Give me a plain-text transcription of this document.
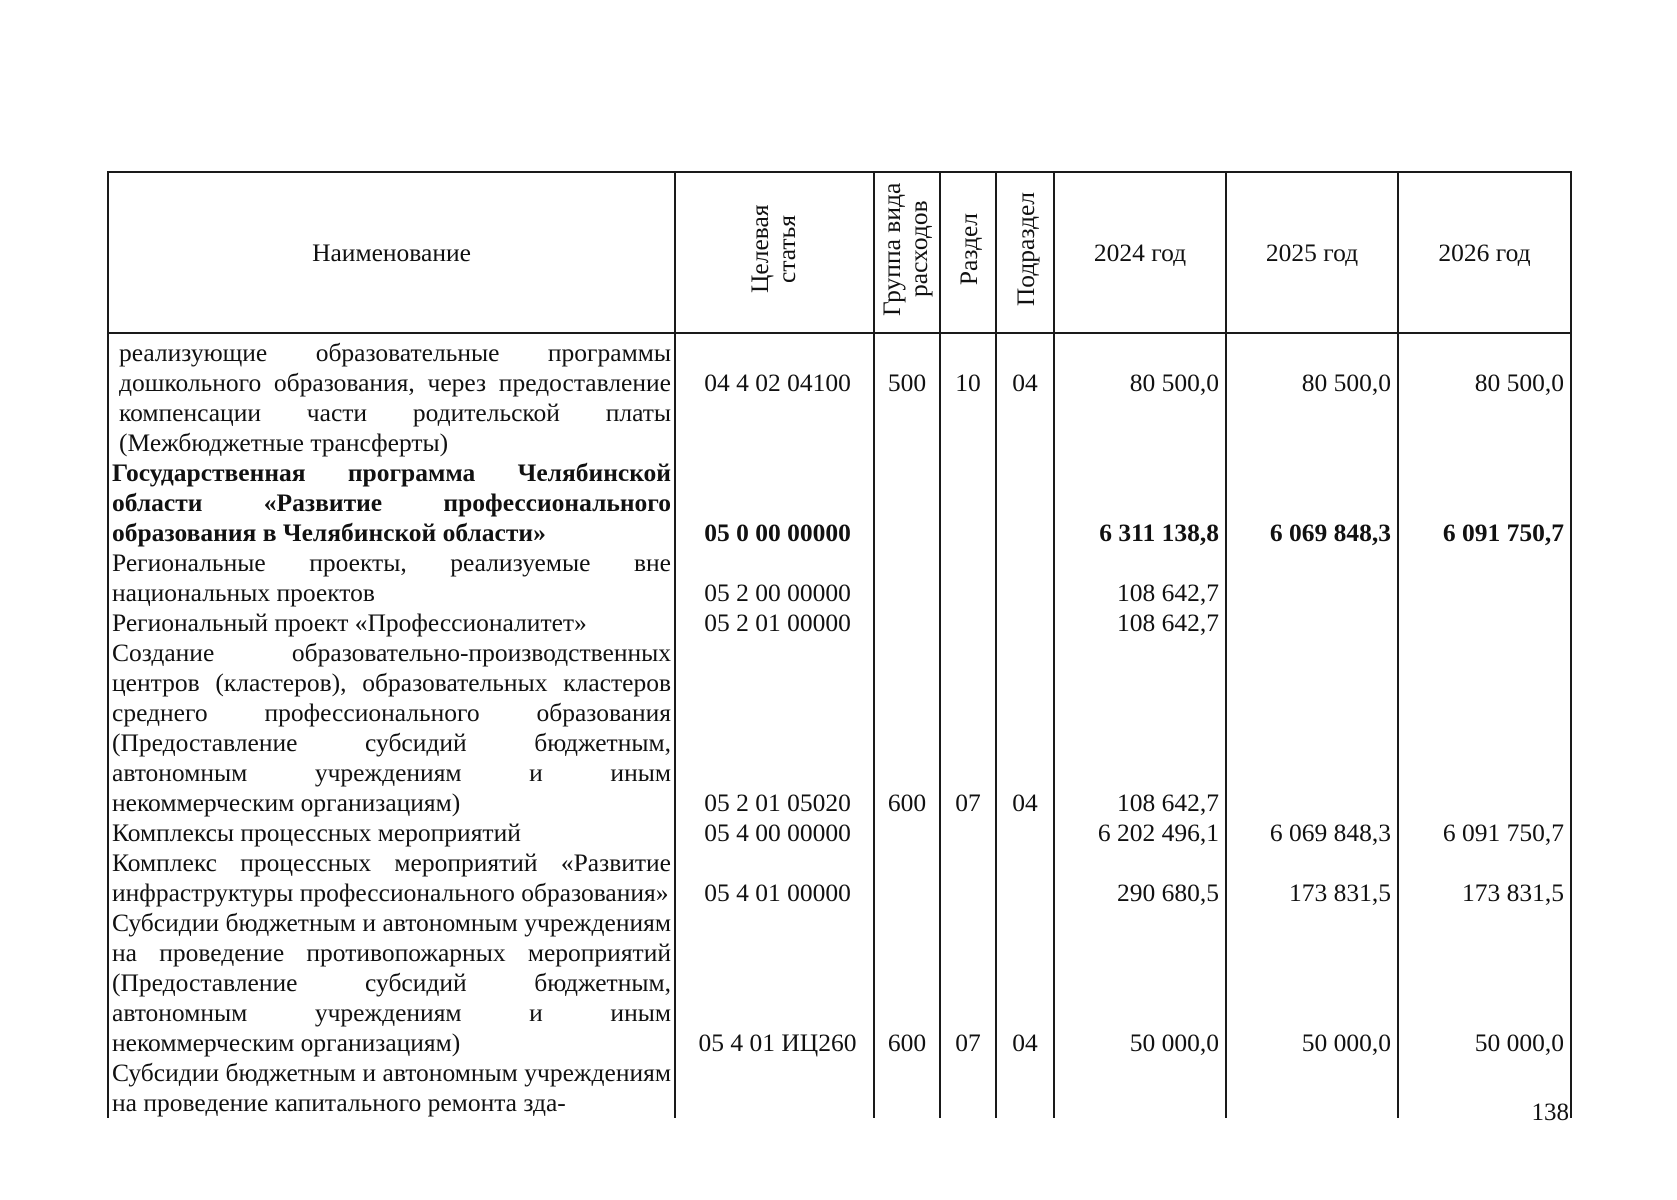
Наименование	Целевая статья	Группа вида расходов	Раздел	Подраздел	2024 год	2025 год	2026 год
реализующие образовательные программы дошкольного образования, через предоставление компенсации части родительской платы (Межбюджетные трансферты)	04 4 02 04100	500	10	04	80 500,0	80 500,0	80 500,0
Государственная программа Челябинской области «Развитие профессионального образования в Челябинской области»	05 0 00 00000				6 311 138,8	6 069 848,3	6 091 750,7
Региональные проекты, реализуемые вне национальных проектов	05 2 00 00000				108 642,7		
Региональный проект «Профессионалитет»	05 2 01 00000				108 642,7		
Создание образовательно-производственных центров (кластеров), образовательных кластеров среднего профессионального образования (Предоставление субсидий бюджетным, автономным учреждениям и иным некоммерческим организациям)	05 2 01 05020	600	07	04	108 642,7		
Комплексы процессных мероприятий	05 4 00 00000				6 202 496,1	6 069 848,3	6 091 750,7
Комплекс процессных мероприятий «Развитие инфраструктуры профессионального образования»	05 4 01 00000				290 680,5	173 831,5	173 831,5
Субсидии бюджетным и автономным учреждениям на проведение противопожарных мероприятий (Предоставление субсидий бюджетным, автономным учреждениям и иным некоммерческим организациям)	05 4 01 ИЦ260	600	07	04	50 000,0	50 000,0	50 000,0
Субсидии бюджетным и автономным учреждениям на проведение капитального ремонта зда-								138
